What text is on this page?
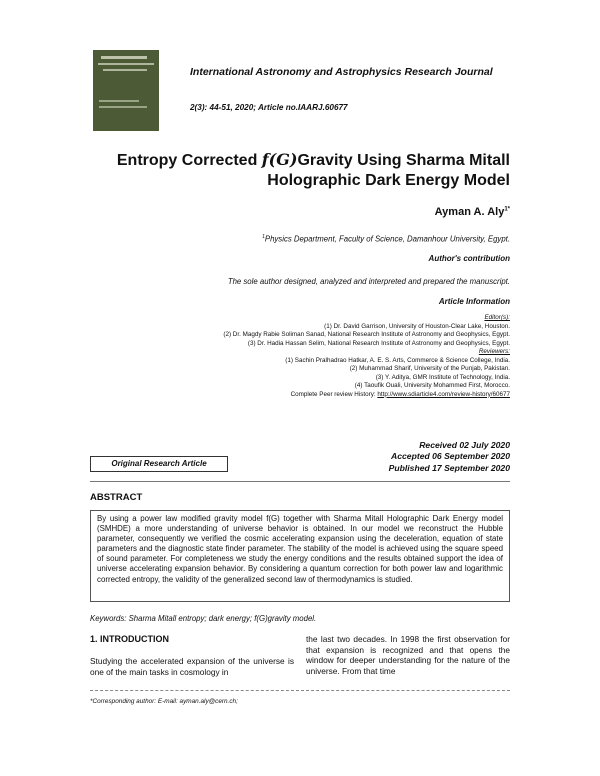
International Astronomy and Astrophysics Research Journal
2(3): 44-51, 2020; Article no.IAARJ.60677
Entropy Corrected f(G)Gravity Using Sharma Mitall Holographic Dark Energy Model
Ayman A. Aly$^{1*}$
$^1$Physics Department, Faculty of Science, Damanhour University, Egypt.
Author's contribution
The sole author designed, analyzed and interpreted and prepared the manuscript.
Article Information
Editor(s):
(1) Dr. David Garrison, University of Houston-Clear Lake, Houston.
(2) Dr. Magdy Rabie Soliman Sanad, National Research Institute of Astronomy and Geophysics, Egypt.
(3) Dr. Hadia Hassan Selim, National Research Institute of Astronomy and Geophysics, Egypt.
Reviewers:
(1) Sachin Pralhadrao Hatkar, A. E. S. Arts, Commerce & Science College, India.
(2) Muhammad Sharif, University of the Punjab, Pakistan.
(3) Y. Aditya, GMR Institute of Technology, India.
(4) Taoufik Ouali, University Mohammed First, Morocco.
Complete Peer review History: http://www.sdiarticle4.com/review-history/60677
Received 02 July 2020
Accepted 06 September 2020
Published 17 September 2020
Original Research Article
ABSTRACT
By using a power law modified gravity model f(G) together with Sharma Mitall Holographic Dark Energy model (SMHDE) a more understanding of universe behavior is obtained. In our model we reconstruct the Hubble parameter, consequently we verified the cosmic accelerating expansion using the deceleration, equation of state parameters and the diagnostic state finder parameter. The stability of the model is achieved using the square speed of sound parameter. For completeness we study the energy conditions and the results obtained support the idea of universe accelerating expansion behavior. By considering a quantum correction for both power law and logarithmic corrected entropy, the validity of the generalized second law of thermodynamics is studied.
Keywords: Sharma Mitall entropy; dark energy; f(G)gravity model.
1. INTRODUCTION
Studying the accelerated expansion of the universe is one of the main tasks in cosmology in
the last two decades. In 1998 the first observation for that expansion is recognized and that opens the window for deeper understanding for the nature of the universe. From that time
*Corresponding author: E-mail: ayman.aly@cern.ch;
